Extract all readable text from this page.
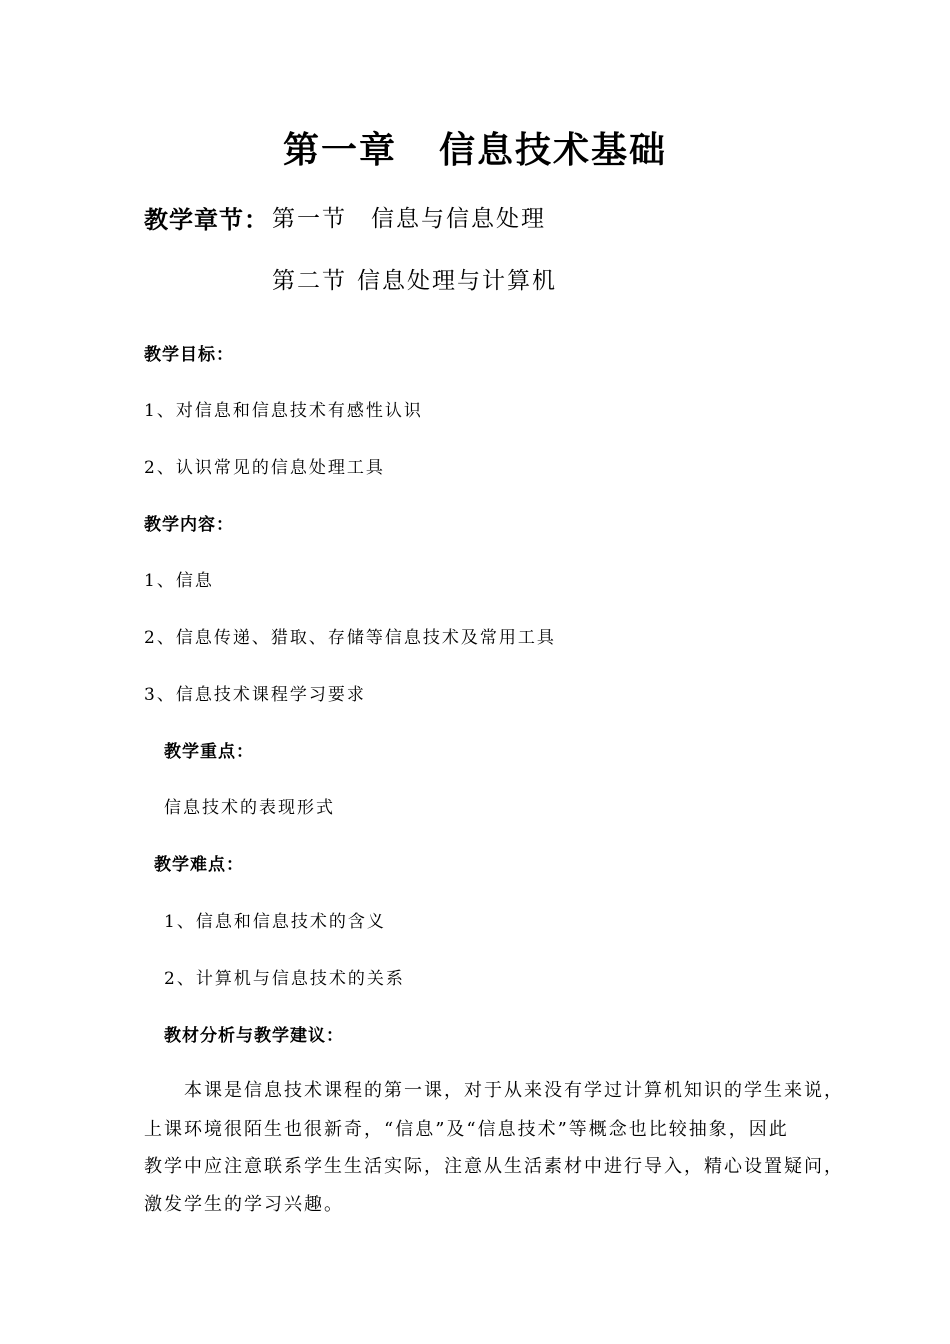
第一章 信息技术基础
教学章节： 第一节 信息与信息处理
第二节 信息处理与计算机
教学目标：
1、对信息和信息技术有感性认识
2、认识常见的信息处理工具
教学内容：
1、信息
2、信息传递、猎取、存储等信息技术及常用工具
3、信息技术课程学习要求
教学重点：
信息技术的表现形式
教学难点：
1、信息和信息技术的含义
2、计算机与信息技术的关系
教材分析与教学建议：
本课是信息技术课程的第一课，对于从来没有学过计算机知识的学生来说，
上课环境很陌生也很新奇，“信息”及“信息技术”等概念也比较抽象，因此
教学中应注意联系学生生活实际，注意从生活素材中进行导入，精心设置疑问，
激发学生的学习兴趣。
